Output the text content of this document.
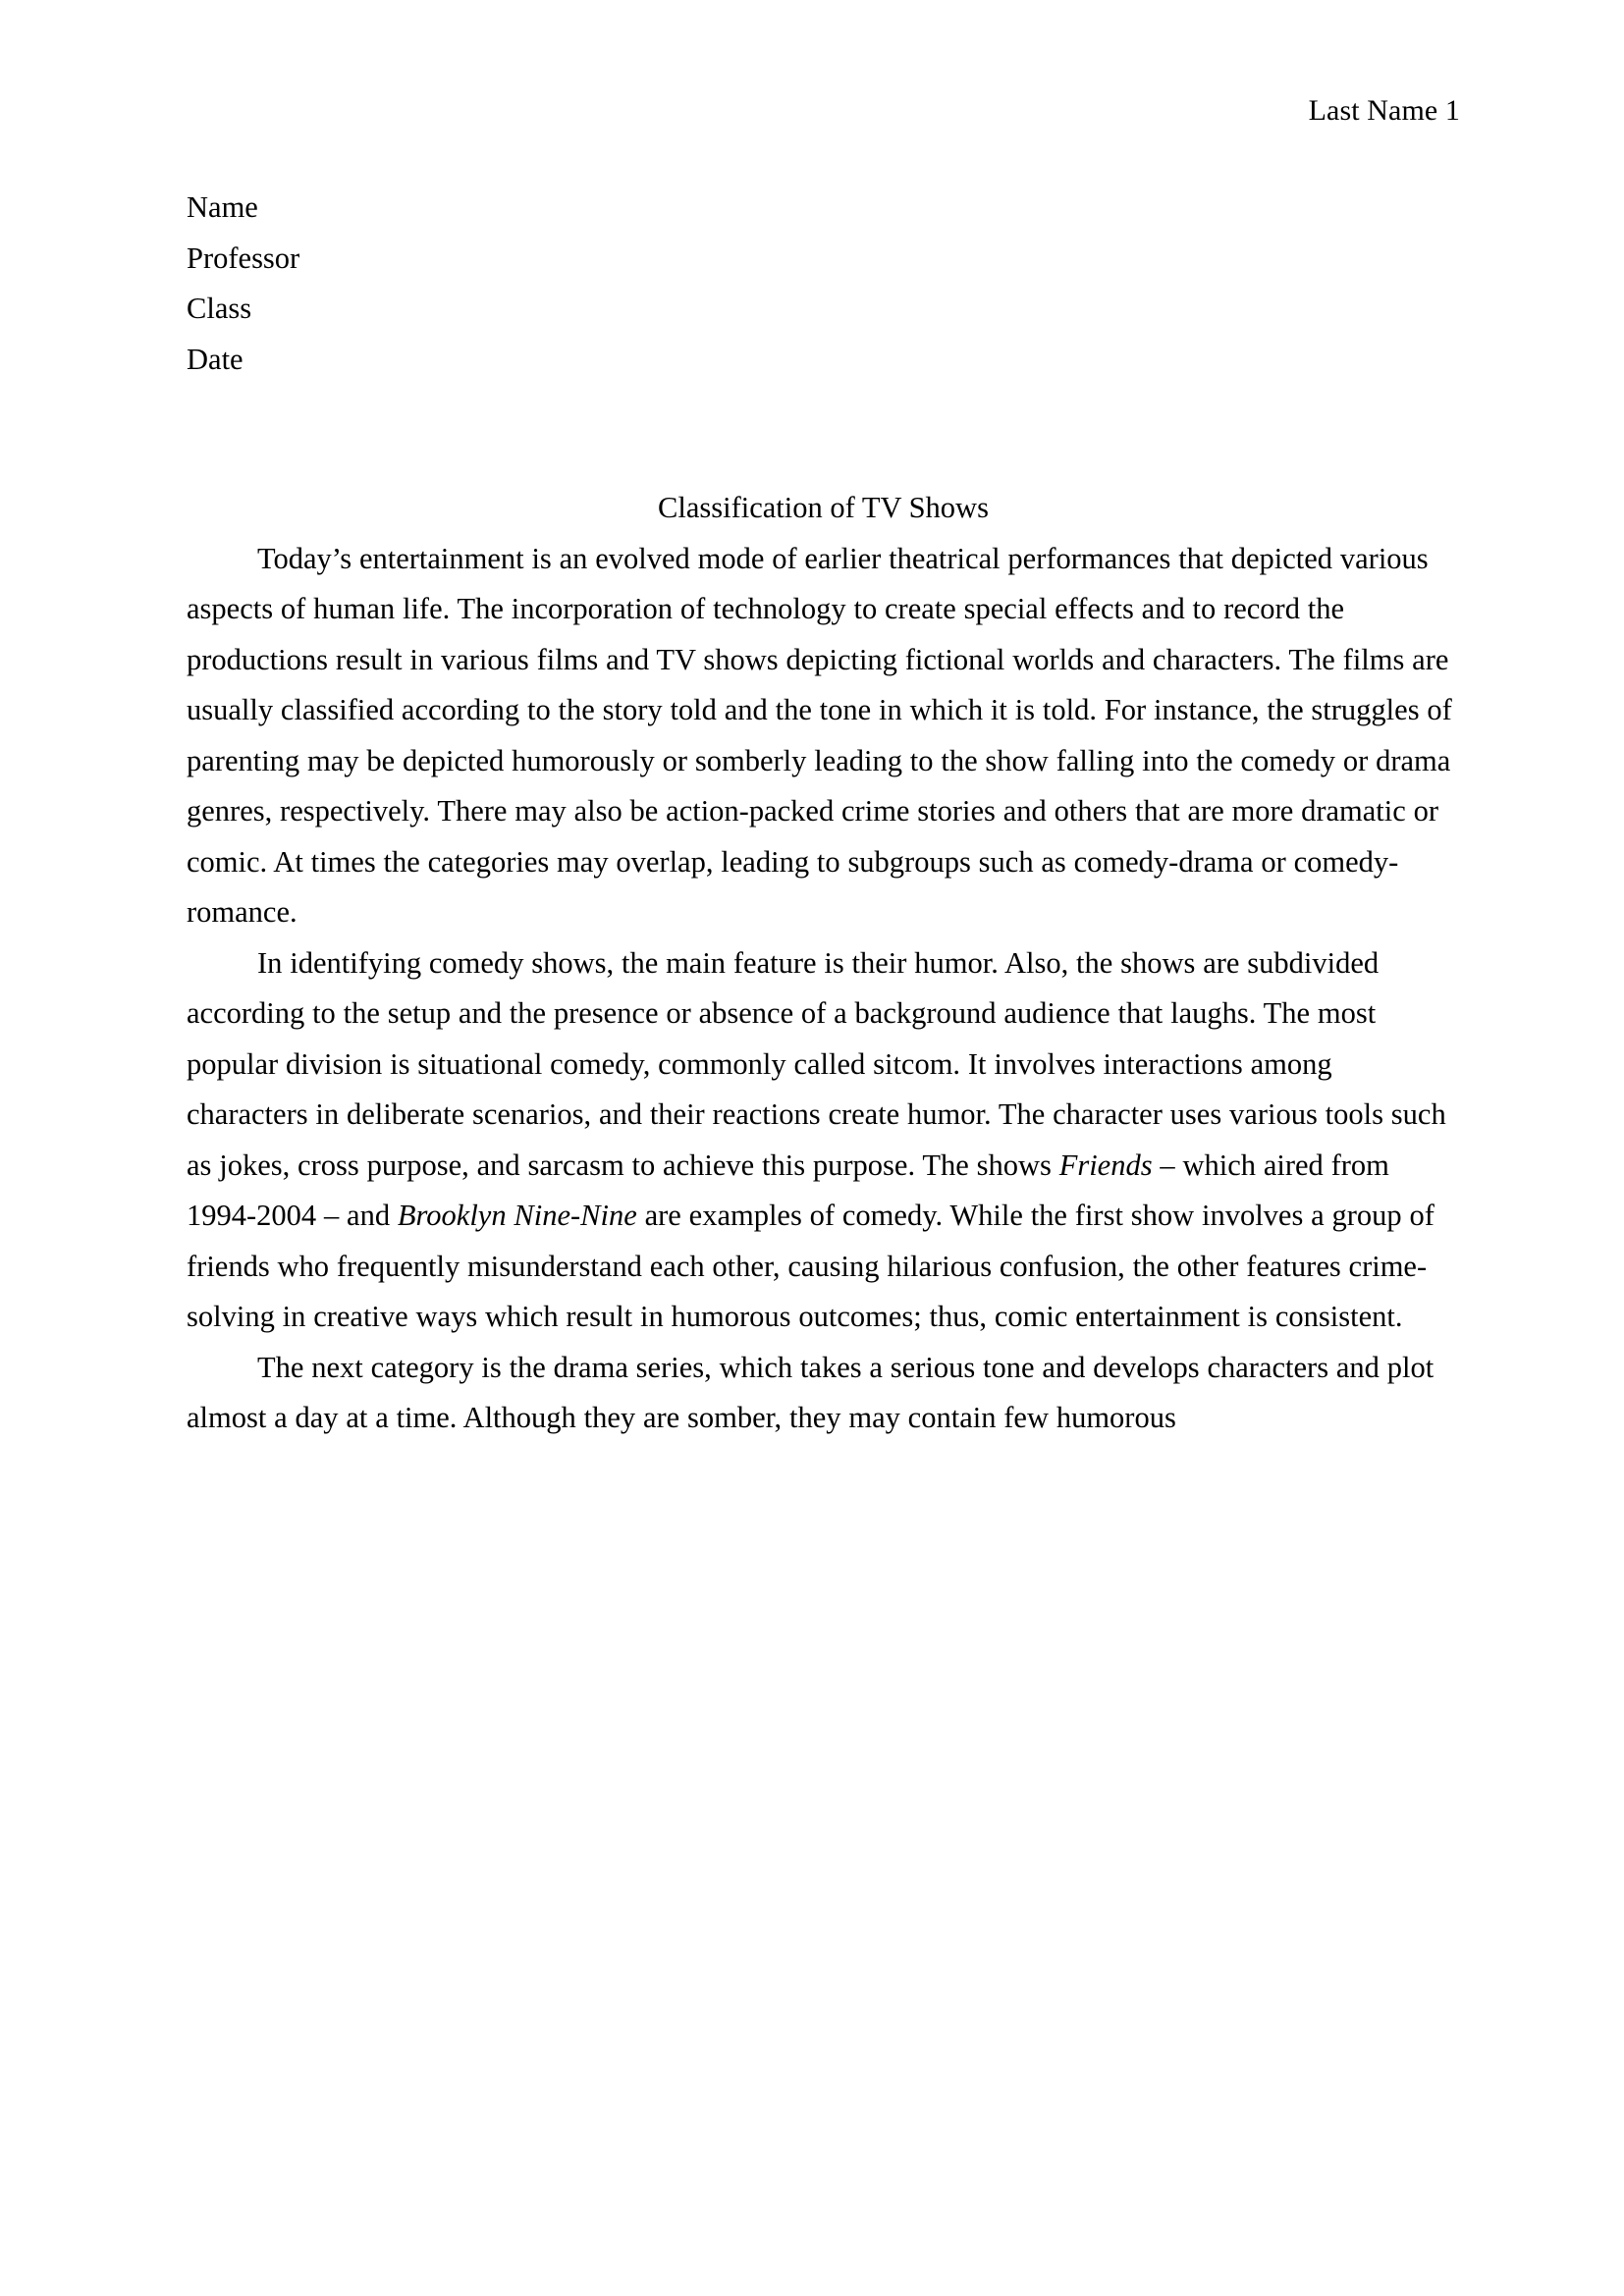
Last Name 1
Name
Professor
Class
Date
Classification of TV Shows

Today’s entertainment is an evolved mode of earlier theatrical performances that depicted various aspects of human life. The incorporation of technology to create special effects and to record the productions result in various films and TV shows depicting fictional worlds and characters. The films are usually classified according to the story told and the tone in which it is told. For instance, the struggles of parenting may be depicted humorously or somberly leading to the show falling into the comedy or drama genres, respectively. There may also be action-packed crime stories and others that are more dramatic or comic. At times the categories may overlap, leading to subgroups such as comedy-drama or comedy-romance.

In identifying comedy shows, the main feature is their humor. Also, the shows are subdivided according to the setup and the presence or absence of a background audience that laughs. The most popular division is situational comedy, commonly called sitcom. It involves interactions among characters in deliberate scenarios, and their reactions create humor. The character uses various tools such as jokes, cross purpose, and sarcasm to achieve this purpose. The shows Friends – which aired from 1994-2004 – and Brooklyn Nine-Nine are examples of comedy. While the first show involves a group of friends who frequently misunderstand each other, causing hilarious confusion, the other features crime-solving in creative ways which result in humorous outcomes; thus, comic entertainment is consistent.

The next category is the drama series, which takes a serious tone and develops characters and plot almost a day at a time. Although they are somber, they may contain few humorous
